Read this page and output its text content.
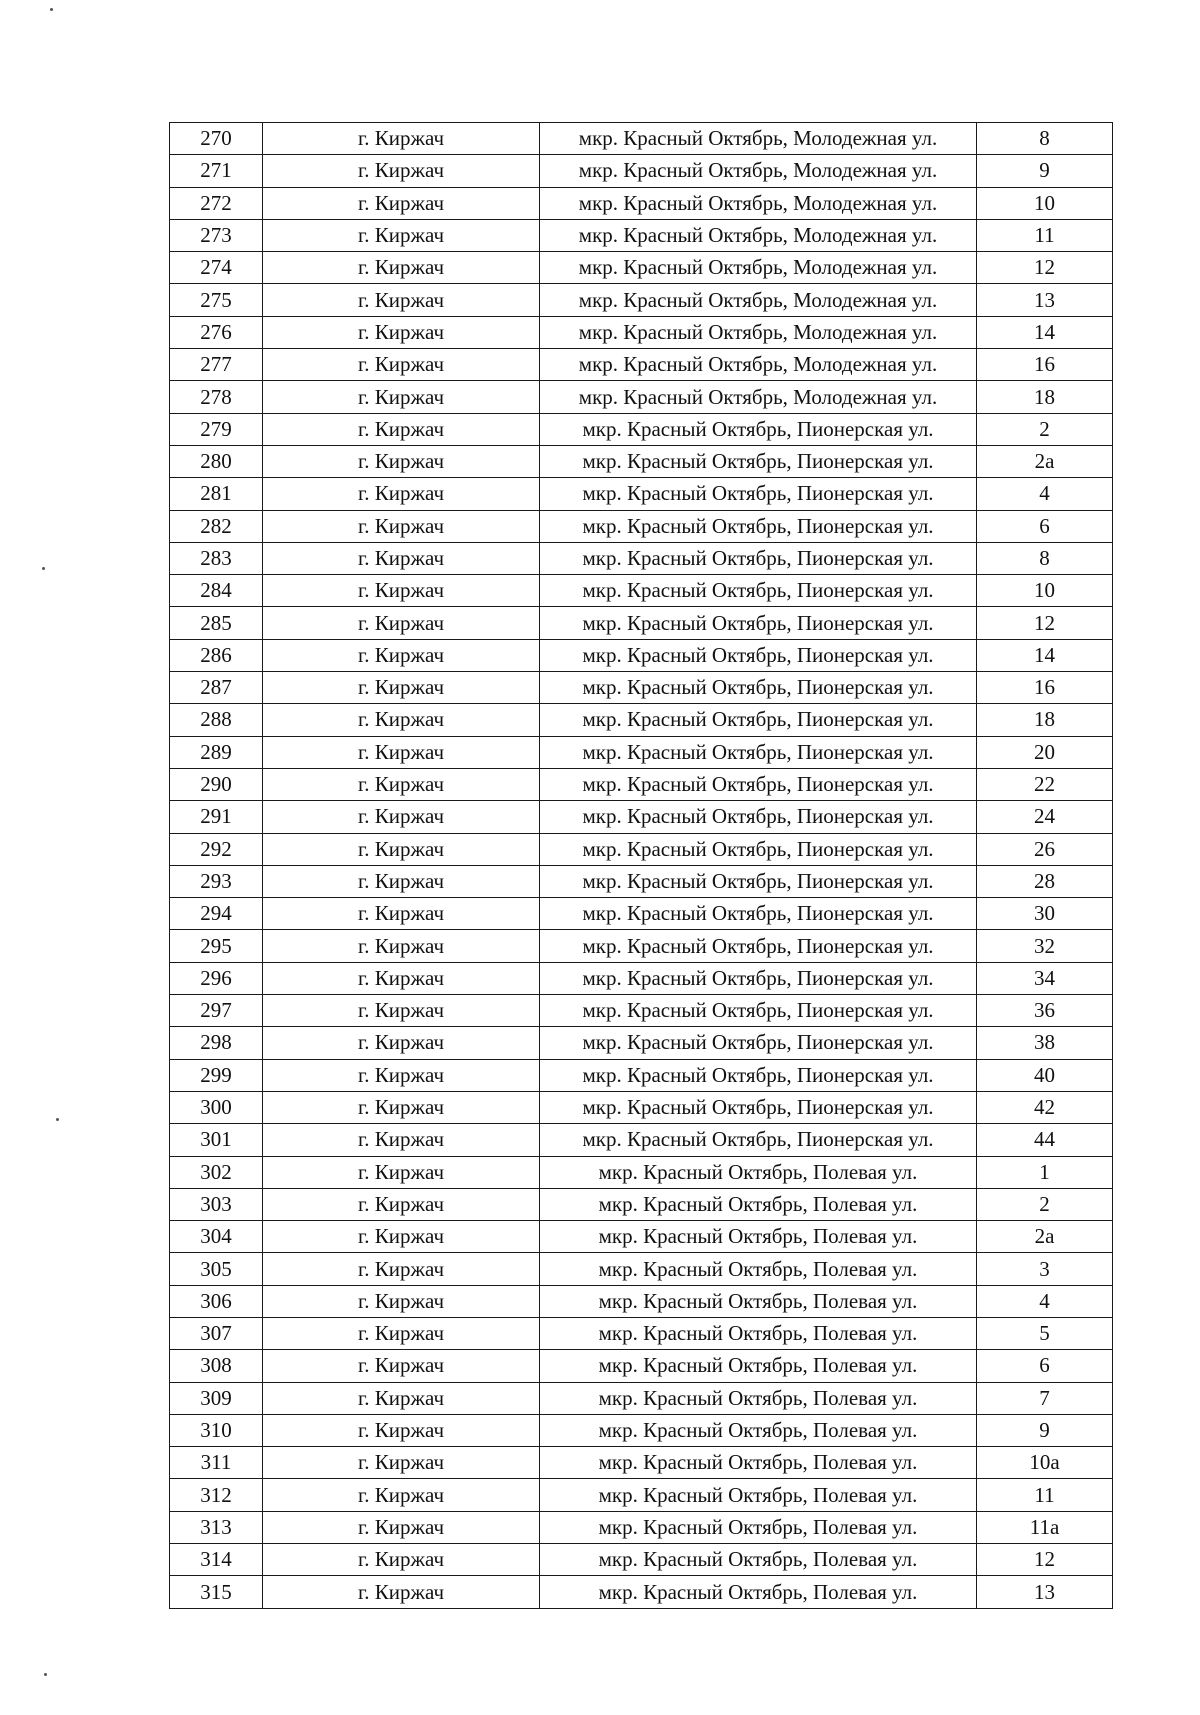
270	г. Киржач	мкр. Красный Октябрь, Молодежная ул.	8
271	г. Киржач	мкр. Красный Октябрь, Молодежная ул.	9
272	г. Киржач	мкр. Красный Октябрь, Молодежная ул.	10
273	г. Киржач	мкр. Красный Октябрь, Молодежная ул.	11
274	г. Киржач	мкр. Красный Октябрь, Молодежная ул.	12
275	г. Киржач	мкр. Красный Октябрь, Молодежная ул.	13
276	г. Киржач	мкр. Красный Октябрь, Молодежная ул.	14
277	г. Киржач	мкр. Красный Октябрь, Молодежная ул.	16
278	г. Киржач	мкр. Красный Октябрь, Молодежная ул.	18
279	г. Киржач	мкр. Красный Октябрь, Пионерская ул.	2
280	г. Киржач	мкр. Красный Октябрь, Пионерская ул.	2а
281	г. Киржач	мкр. Красный Октябрь, Пионерская ул.	4
282	г. Киржач	мкр. Красный Октябрь, Пионерская ул.	6
283	г. Киржач	мкр. Красный Октябрь, Пионерская ул.	8
284	г. Киржач	мкр. Красный Октябрь, Пионерская ул.	10
285	г. Киржач	мкр. Красный Октябрь, Пионерская ул.	12
286	г. Киржач	мкр. Красный Октябрь, Пионерская ул.	14
287	г. Киржач	мкр. Красный Октябрь, Пионерская ул.	16
288	г. Киржач	мкр. Красный Октябрь, Пионерская ул.	18
289	г. Киржач	мкр. Красный Октябрь, Пионерская ул.	20
290	г. Киржач	мкр. Красный Октябрь, Пионерская ул.	22
291	г. Киржач	мкр. Красный Октябрь, Пионерская ул.	24
292	г. Киржач	мкр. Красный Октябрь, Пионерская ул.	26
293	г. Киржач	мкр. Красный Октябрь, Пионерская ул.	28
294	г. Киржач	мкр. Красный Октябрь, Пионерская ул.	30
295	г. Киржач	мкр. Красный Октябрь, Пионерская ул.	32
296	г. Киржач	мкр. Красный Октябрь, Пионерская ул.	34
297	г. Киржач	мкр. Красный Октябрь, Пионерская ул.	36
298	г. Киржач	мкр. Красный Октябрь, Пионерская ул.	38
299	г. Киржач	мкр. Красный Октябрь, Пионерская ул.	40
300	г. Киржач	мкр. Красный Октябрь, Пионерская ул.	42
301	г. Киржач	мкр. Красный Октябрь, Пионерская ул.	44
302	г. Киржач	мкр. Красный Октябрь, Полевая ул.	1
303	г. Киржач	мкр. Красный Октябрь, Полевая ул.	2
304	г. Киржач	мкр. Красный Октябрь, Полевая ул.	2а
305	г. Киржач	мкр. Красный Октябрь, Полевая ул.	3
306	г. Киржач	мкр. Красный Октябрь, Полевая ул.	4
307	г. Киржач	мкр. Красный Октябрь, Полевая ул.	5
308	г. Киржач	мкр. Красный Октябрь, Полевая ул.	6
309	г. Киржач	мкр. Красный Октябрь, Полевая ул.	7
310	г. Киржач	мкр. Красный Октябрь, Полевая ул.	9
311	г. Киржач	мкр. Красный Октябрь, Полевая ул.	10а
312	г. Киржач	мкр. Красный Октябрь, Полевая ул.	11
313	г. Киржач	мкр. Красный Октябрь, Полевая ул.	11а
314	г. Киржач	мкр. Красный Октябрь, Полевая ул.	12
315	г. Киржач	мкр. Красный Октябрь, Полевая ул.	13
